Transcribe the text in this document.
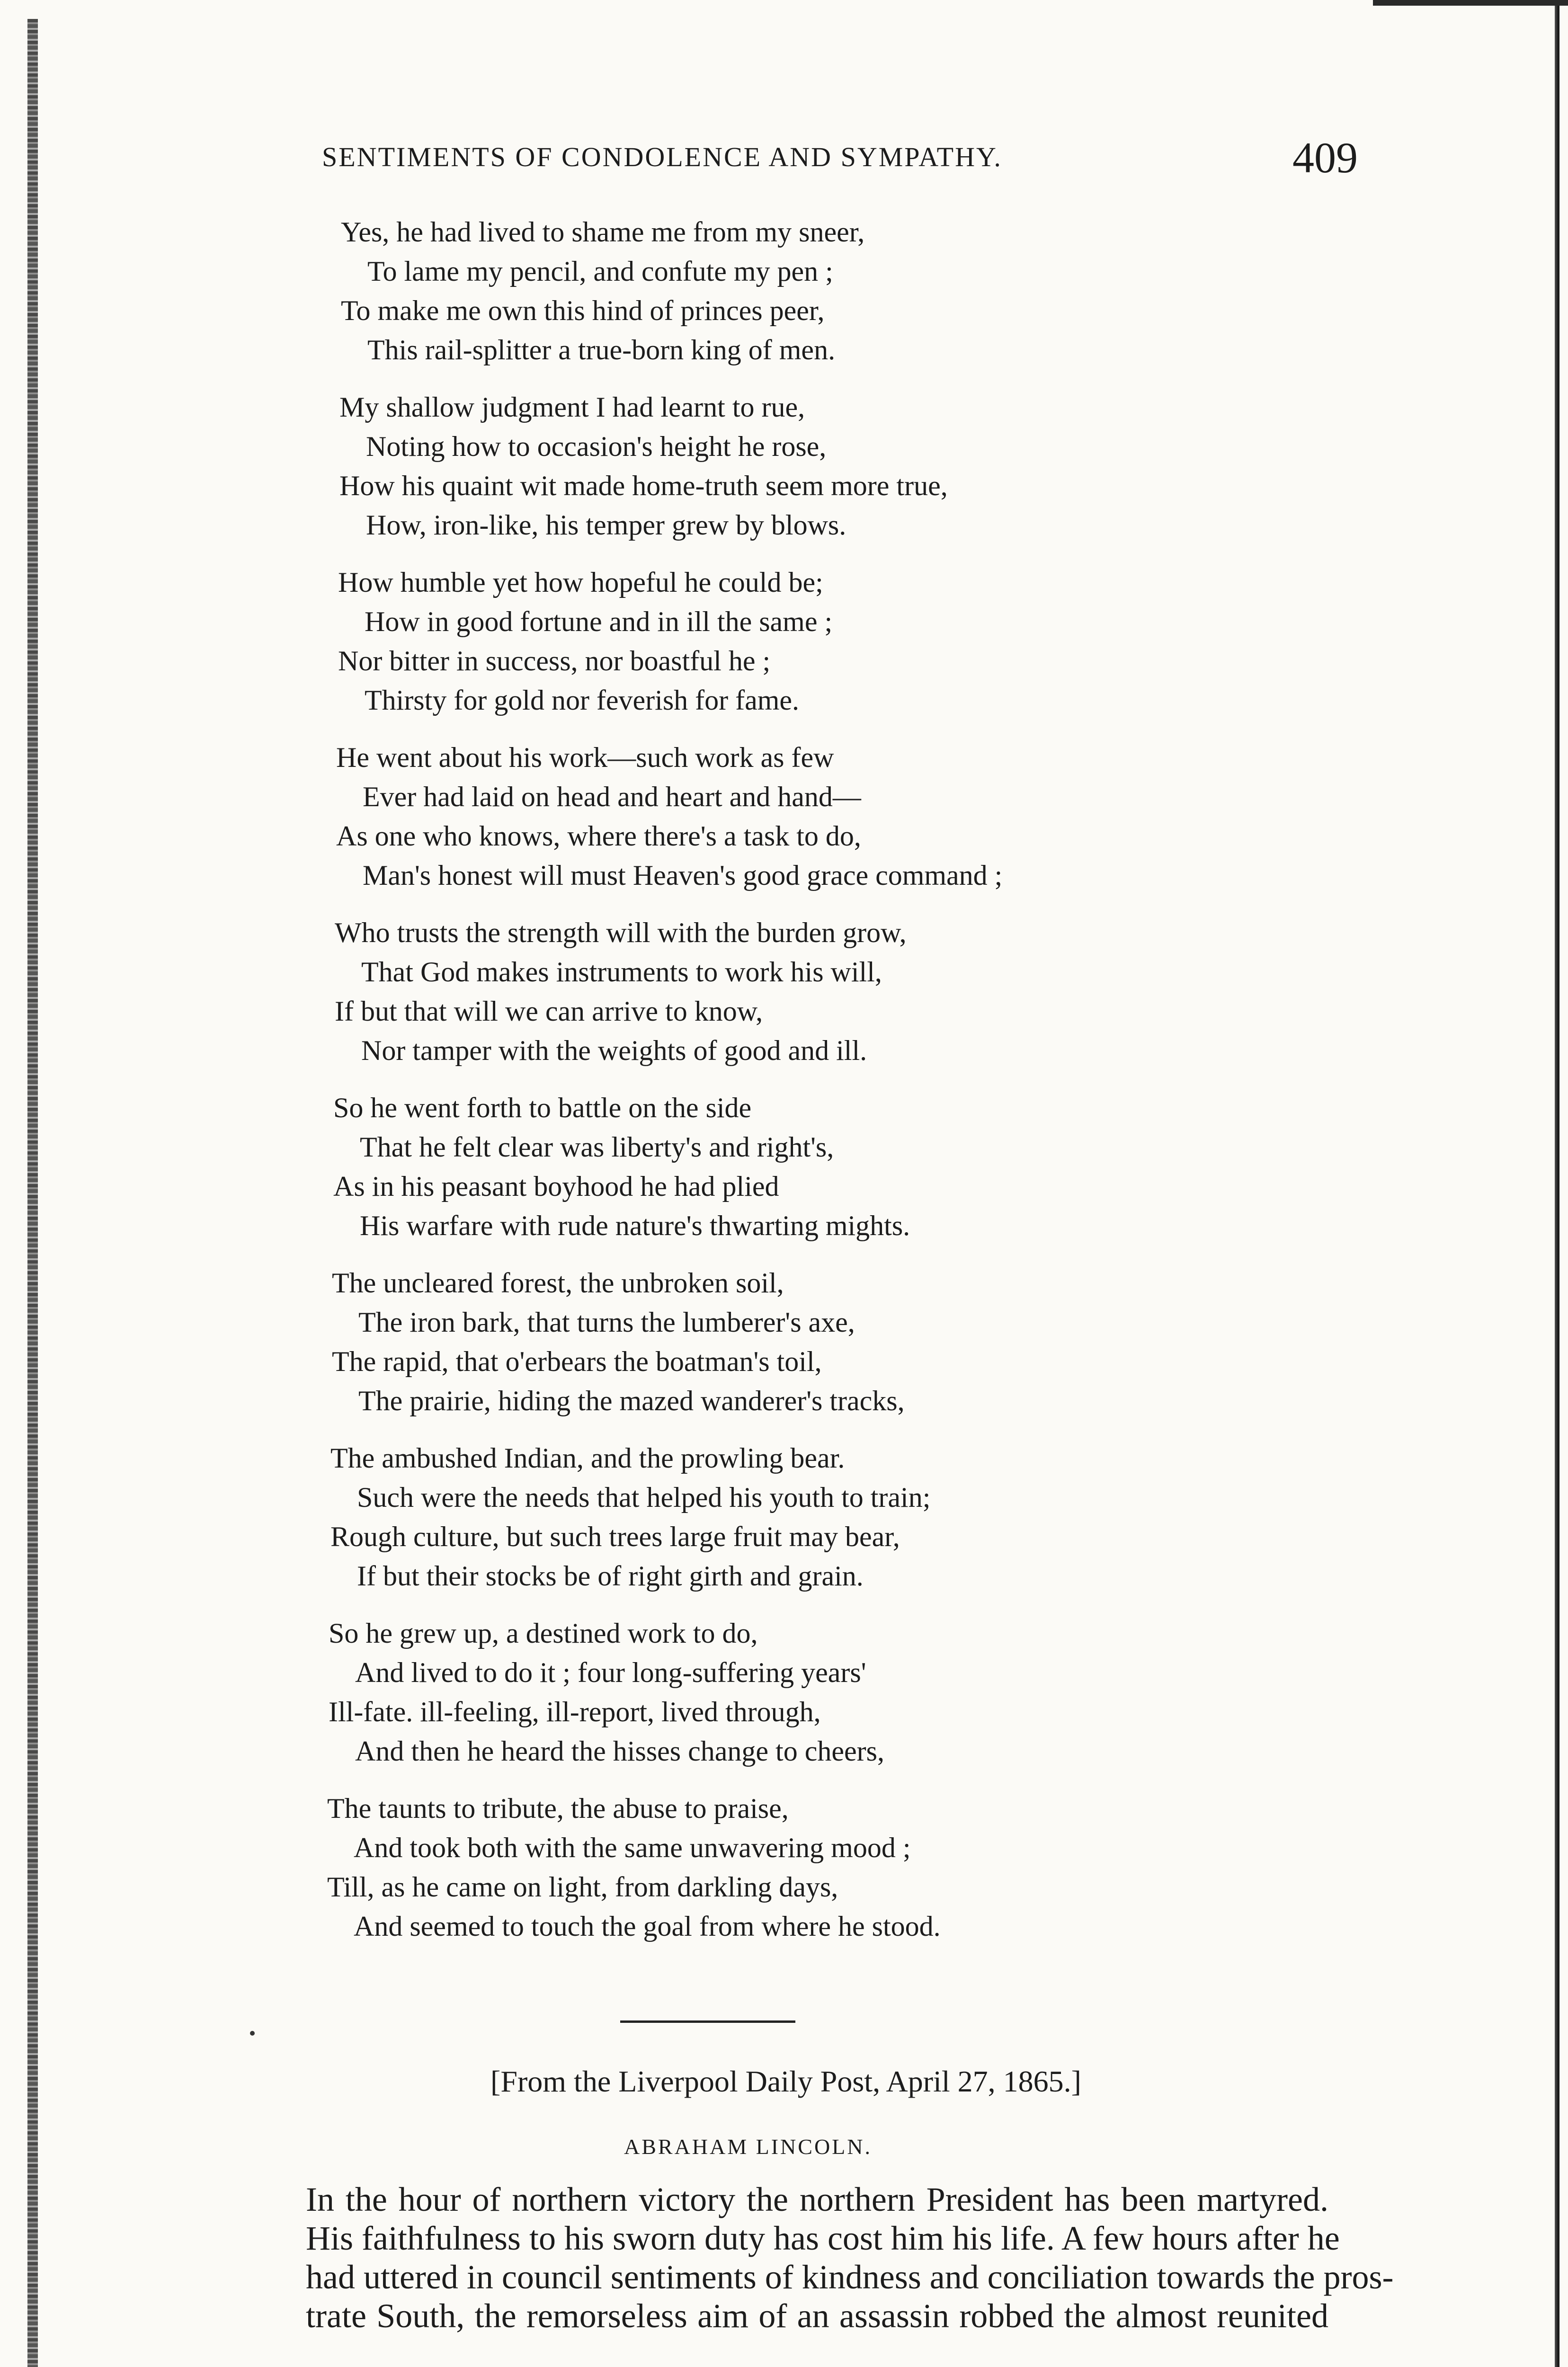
SENTIMENTS OF CONDOLENCE AND SYMPATHY.	409
Yes, he had lived to shame me from my sneer,
To lame my pencil, and confute my pen ;
To make me own this hind of princes peer,
This rail-splitter a true-born king of men.
My shallow judgment I had learnt to rue,
Noting how to occasion's height he rose,
How his quaint wit made home-truth seem more true,
How, iron-like, his temper grew by blows.
How humble yet how hopeful he could be;
How in good fortune and in ill the same ;
Nor bitter in success, nor boastful he ;
Thirsty for gold nor feverish for fame.
He went about his work—such work as few
Ever had laid on head and heart and hand—
As one who knows, where there's a task to do,
Man's honest will must Heaven's good grace command ;
Who trusts the strength will with the burden grow,
That God makes instruments to work his will,
If but that will we can arrive to know,
Nor tamper with the weights of good and ill.
So he went forth to battle on the side
That he felt clear was liberty's and right's,
As in his peasant boyhood he had plied
His warfare with rude nature's thwarting mights.
The uncleared forest, the unbroken soil,
The iron bark, that turns the lumberer's axe,
The rapid, that o'erbears the boatman's toil,
The prairie, hiding the mazed wanderer's tracks,
The ambushed Indian, and the prowling bear.
Such were the needs that helped his youth to train;
Rough culture, but such trees large fruit may bear,
If but their stocks be of right girth and grain.
So he grew up, a destined work to do,
And lived to do it ; four long-suffering years'
Ill-fate. ill-feeling, ill-report, lived through,
And then he heard the hisses change to cheers,
The taunts to tribute, the abuse to praise,
And took both with the same unwavering mood ;
Till, as he came on light, from darkling days,
And seemed to touch the goal from where he stood.
[From the Liverpool Daily Post, April 27, 1865.]
ABRAHAM LINCOLN.
In the hour of northern victory the northern President has been martyred.
His faithfulness to his sworn duty has cost him his life. A few hours after he
had uttered in council sentiments of kindness and conciliation towards the pros-
trate South, the remorseless aim of an assassin robbed the almost reunited
